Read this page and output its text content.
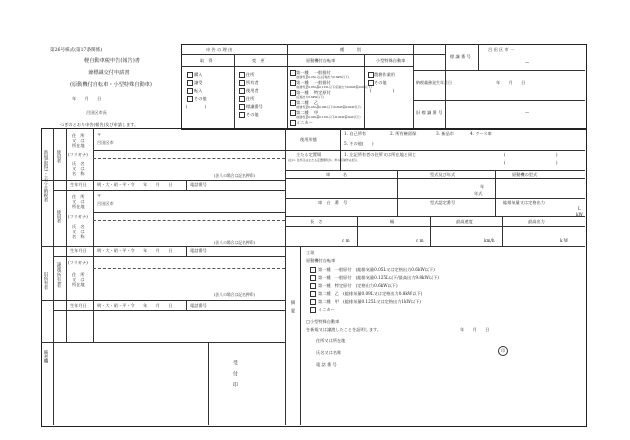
第26号様式(第17条関係)
軽自動車税申告(報告)書
兼標識交付申請書
(原動機付自転車・小型特殊自動車)
年　　月　　日
呂田区市長
つぎのとおり申告(報告)及び申請します。
申 告 の 理 由
取　得	変　更
購入
譲受
転入
その他
(　　　　)
住所
所有者
使用者
住所
標識番号
その他
種　　　別
原動機付自転車	小型特殊自動車
第一種 一般排付
(総排気量0.05L又は定格出力0.6kW以下)
第一種 一般排付
(総排気量0.05L超0.125L以下/定格出力0.6kW超1kW以下)
第一種 特定原付
(定格出力0.6kW以下)
第二種 乙
(総排気量0.05L超0.09L以下/0.6kW超0.8kW以下)
第二種 甲
(総排気量0.09L超0.125L以下/0.8kW超1kW以下)
ミニカー
農耕作業用
その他
(　　　　　)
標 識 番 号
呂 田 区 市 一
—
納税義務発生年月日	年　　月　　日
旧 標 識 番 号	—
新規(取得)・主たる納税者
旧所有者
備考欄
使用者
使用者
譲渡(所有)者
住　所
又　は
所在地
〒
呂田区市
(フリガナ)
氏　名
又　は
名　称	(法人の場合は記名押印)
生年月日 明・大・昭・平・令　　年　　月　　日	電話番号
住　所
又　は
所在地
〒
呂田区市
(フリガナ)
氏　名
又　は
名　称
(法人の場合は記名押印)
生年月日 明・大・昭・平・令　　年　　月　　日	電話番号
(フリガナ)
住　所
又　は
所在地
(法人の場合は記名押印)
生年月日 明・大・昭・平・令　　年　　月　　日	電話番号
受付印
使用形態
1. 自己所有	2. 所有権留保	3. 新品市	4. クース車
5. その他(　　)
主たる定置場
(注)1. 住所又は主たる定置場所が、市の区域外は記入
1. 左記所有者の住所又は所在地と同じ	(　　　　　　　　　　　　)
(　　　　　　　　　　　　)
車　　　名	型式及び年式	原動機の型式
年
年式
車　台　番　号	型式認定番号	総排気量又は定格出力
L
kW
長　さ	幅	最高速度	最高出力
c m	c m	km/h	k W
摘　要
工欲
原動機付自転車
第一種　一般原付　(総排気量0.05L又は定格出力0.6kW以下)
第一種　一般原付　(総排気量0.125L以下/最高出力9.8kW以下)
第一種　特定原付　(定格出力0.6kW以下)
第二種　乙　(総排気量0.09L又は定格出力0.8kW以下)
第二種　甲　(総排気量0.125L又は定格出力1kW以下)
ミニカー
□小型特殊自動車
を新規又は譲渡したことを証明します。	年　　月　　日
住所又は所在地
氏名又は名称	印
電 話 番 号
